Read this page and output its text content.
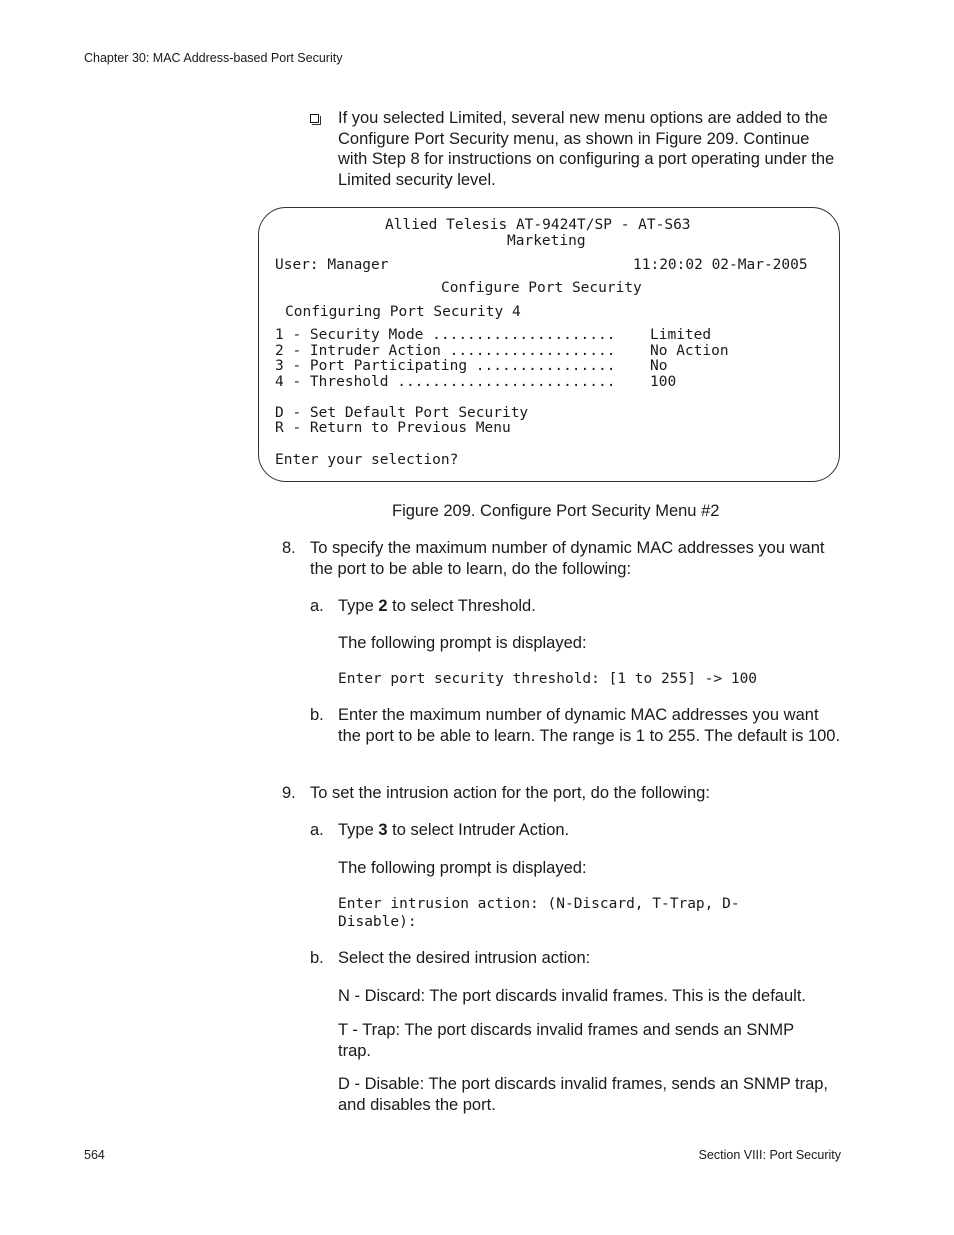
Chapter 30: MAC Address-based Port Security
If you selected Limited, several new menu options are added to the Configure Port Security menu, as shown in Figure 209. Continue with Step 8 for instructions on configuring a port operating under the Limited security level.
Allied Telesis AT-9424T/SP - AT-S63
Marketing
User: Manager	11:20:02 02-Mar-2005
Configure Port Security
Configuring Port Security 4
1 - Security Mode ..................... Limited
2 - Intruder Action ................... No Action
3 - Port Participating ................ No
4 - Threshold ......................... 100
D - Set Default Port Security
R - Return to Previous Menu
Enter your selection?
Figure 209. Configure Port Security Menu #2
8. To specify the maximum number of dynamic MAC addresses you want the port to be able to learn, do the following:
a. Type 2 to select Threshold.
The following prompt is displayed:
Enter port security threshold: [1 to 255] -> 100
b. Enter the maximum number of dynamic MAC addresses you want the port to be able to learn. The range is 1 to 255. The default is 100.
9. To set the intrusion action for the port, do the following:
a. Type 3 to select Intruder Action.
The following prompt is displayed:
Enter intrusion action: (N-Discard, T-Trap, D-
Disable):
b. Select the desired intrusion action:
N - Discard: The port discards invalid frames. This is the default.
T - Trap: The port discards invalid frames and sends an SNMP trap.
D - Disable: The port discards invalid frames, sends an SNMP trap, and disables the port.
564	Section VIII: Port Security
